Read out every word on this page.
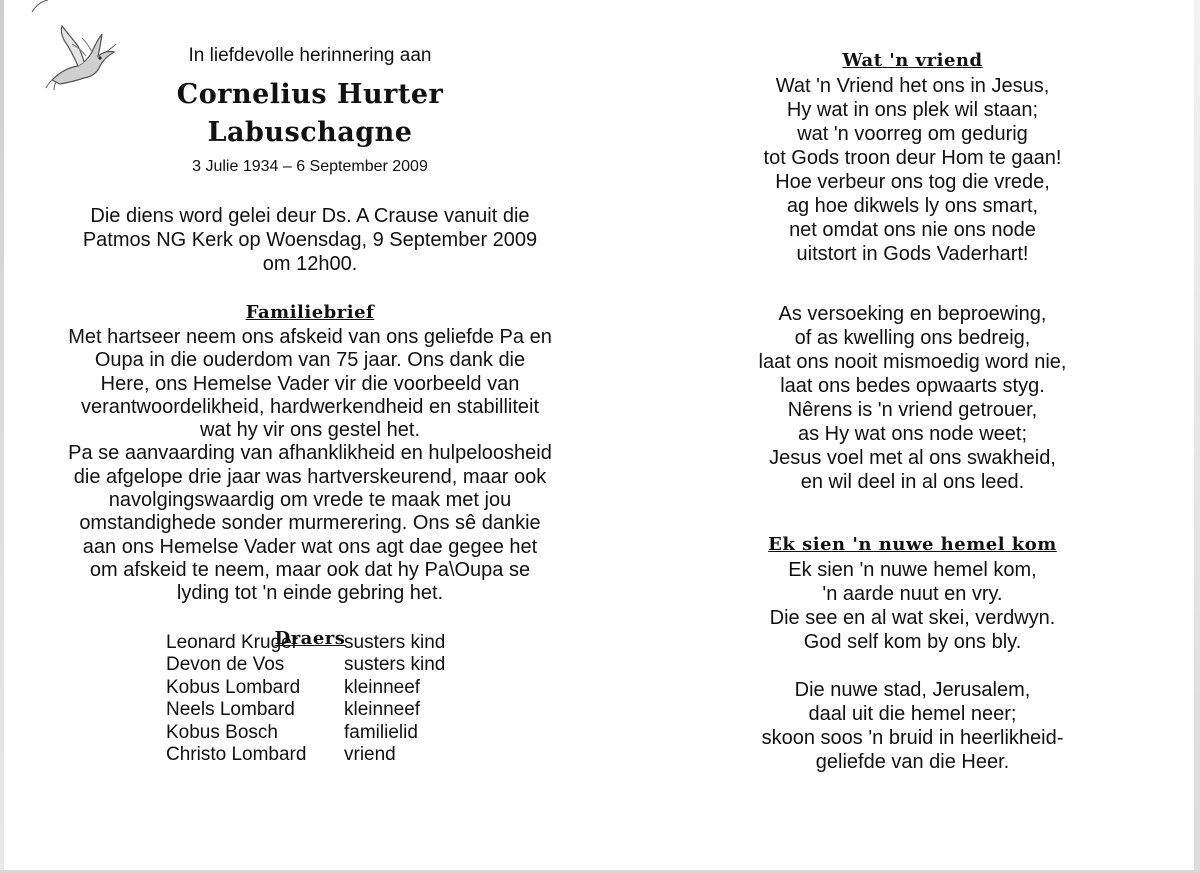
In liefdevolle herinnering aan

Cornelius Hurter

Labuschagne

3 Julie 1934 – 6 September 2009

Die diens word gelei deur Ds. A Crause vanuit die
Patmos NG Kerk op Woensdag, 9 September 2009
om 12h00.

Familiebrief

Met hartseer neem ons afskeid van ons geliefde Pa en
Oupa in die ouderdom van 75 jaar. Ons dank die
Here, ons Hemelse Vader vir die voorbeeld van
verantwoordelikheid, hardwerkendheid en stabilliteit
wat hy vir ons gestel het.
Pa se aanvaarding van afhanklikheid en hulpeloosheid
die afgelope drie jaar was hartverskeurend, maar ook
navolgingswaardig om vrede te maak met jou
omstandighede sonder murmerering. Ons sê dankie
aan ons Hemelse Vader wat ons agt dae gegee het
om afskeid te neem, maar ook dat hy Pa\Oupa se
lyding tot 'n einde gebring het.

Draers

Leonard Kruger	susters kind
Devon de Vos	susters kind
Kobus Lombard	kleinneef
Neels Lombard	kleinneef
Kobus Bosch	familielid
Christo Lombard	vriend

Wat 'n vriend

Wat 'n Vriend het ons in Jesus,
Hy wat in ons plek wil staan;
wat 'n voorreg om gedurig
tot Gods troon deur Hom te gaan!
Hoe verbeur ons tog die vrede,
ag hoe dikwels ly ons smart,
net omdat ons nie ons node
uitstort in Gods Vaderhart!

As versoeking en beproewing,
of as kwelling ons bedreig,
laat ons nooit mismoedig word nie,
laat ons bedes opwaarts styg.
Nêrens is 'n vriend getrouer,
as Hy wat ons node weet;
Jesus voel met al ons swakheid,
en wil deel in al ons leed.

Ek sien 'n nuwe hemel kom

Ek sien 'n nuwe hemel kom,
'n aarde nuut en vry.
Die see en al wat skei, verdwyn.
God self kom by ons bly.

Die nuwe stad, Jerusalem,
daal uit die hemel neer;
skoon soos 'n bruid in heerlikheid-
geliefde van die Heer.
